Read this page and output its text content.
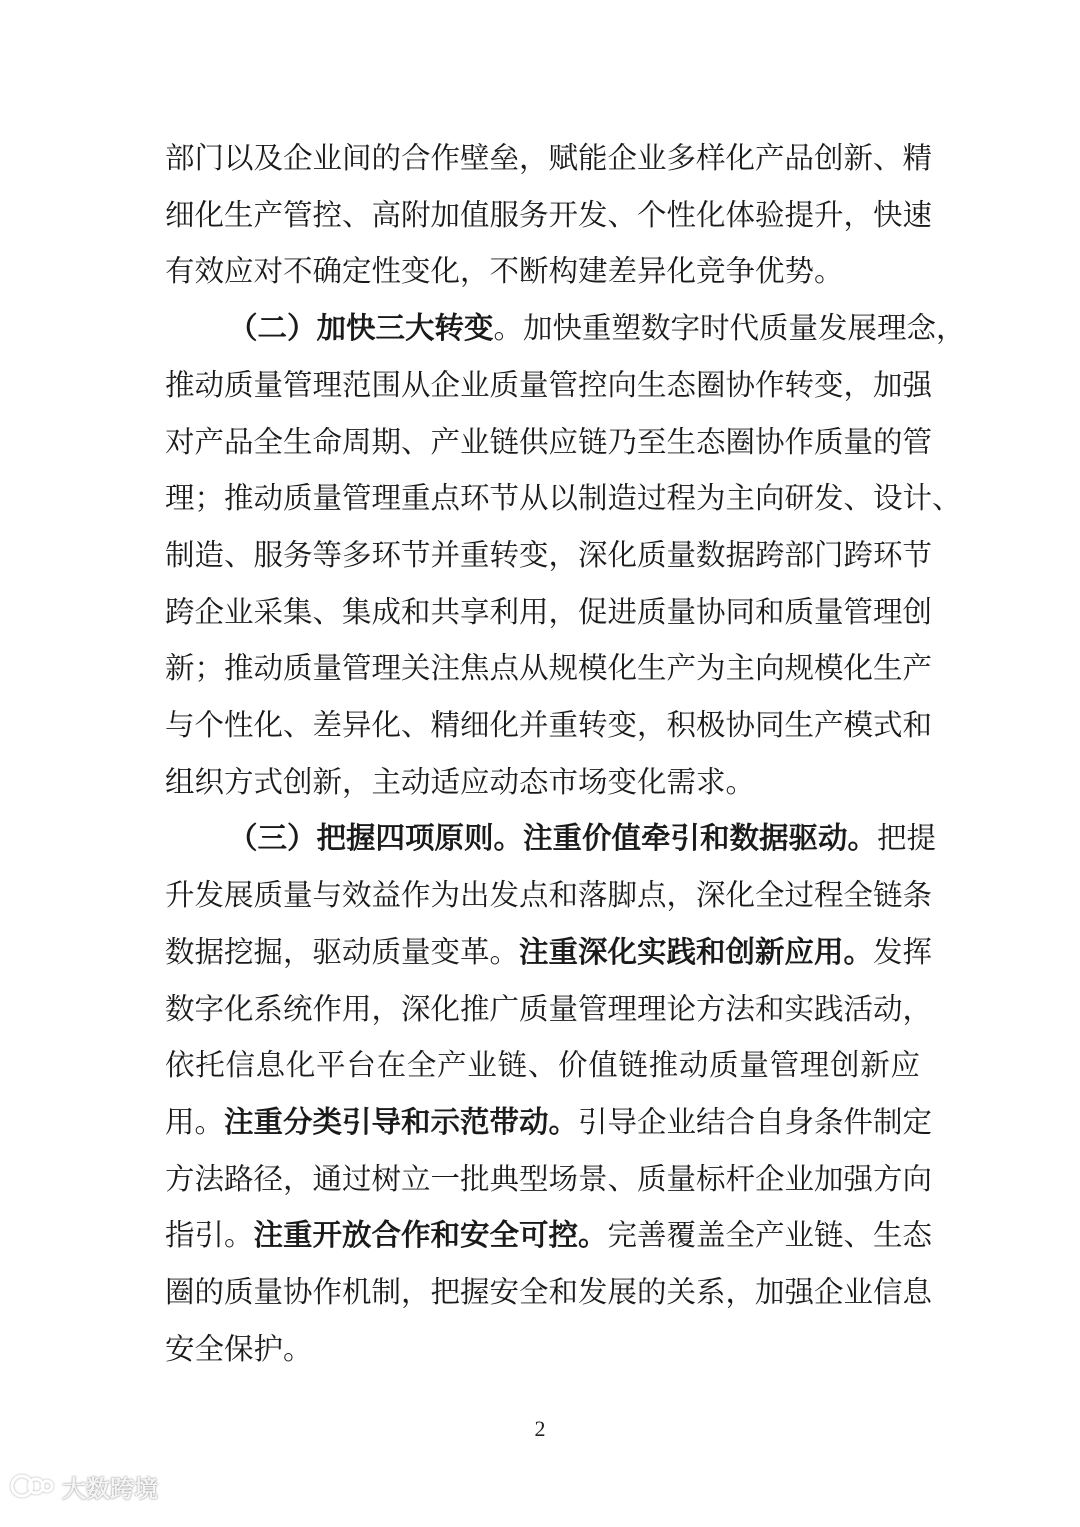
部门以及企业间的合作壁垒，赋能企业多样化产品创新、精
细化生产管控、高附加值服务开发、个性化体验提升，快速
有效应对不确定性变化，不断构建差异化竞争优势。
（二）加快三大转变。加快重塑数字时代质量发展理念，
推动质量管理范围从企业质量管控向生态圈协作转变，加强
对产品全生命周期、产业链供应链乃至生态圈协作质量的管
理；推动质量管理重点环节从以制造过程为主向研发、设计、
制造、服务等多环节并重转变，深化质量数据跨部门跨环节
跨企业采集、集成和共享利用，促进质量协同和质量管理创
新；推动质量管理关注焦点从规模化生产为主向规模化生产
与个性化、差异化、精细化并重转变，积极协同生产模式和
组织方式创新，主动适应动态市场变化需求。
（三）把握四项原则。注重价值牵引和数据驱动。把提
升发展质量与效益作为出发点和落脚点，深化全过程全链条
数据挖掘，驱动质量变革。注重深化实践和创新应用。发挥
数字化系统作用，深化推广质量管理理论方法和实践活动，
依托信息化平台在全产业链、价值链推动质量管理创新应
用。注重分类引导和示范带动。引导企业结合自身条件制定
方法路径，通过树立一批典型场景、质量标杆企业加强方向
指引。注重开放合作和安全可控。完善覆盖全产业链、生态
圈的质量协作机制，把握安全和发展的关系，加强企业信息
安全保护。
2
大数跨境
